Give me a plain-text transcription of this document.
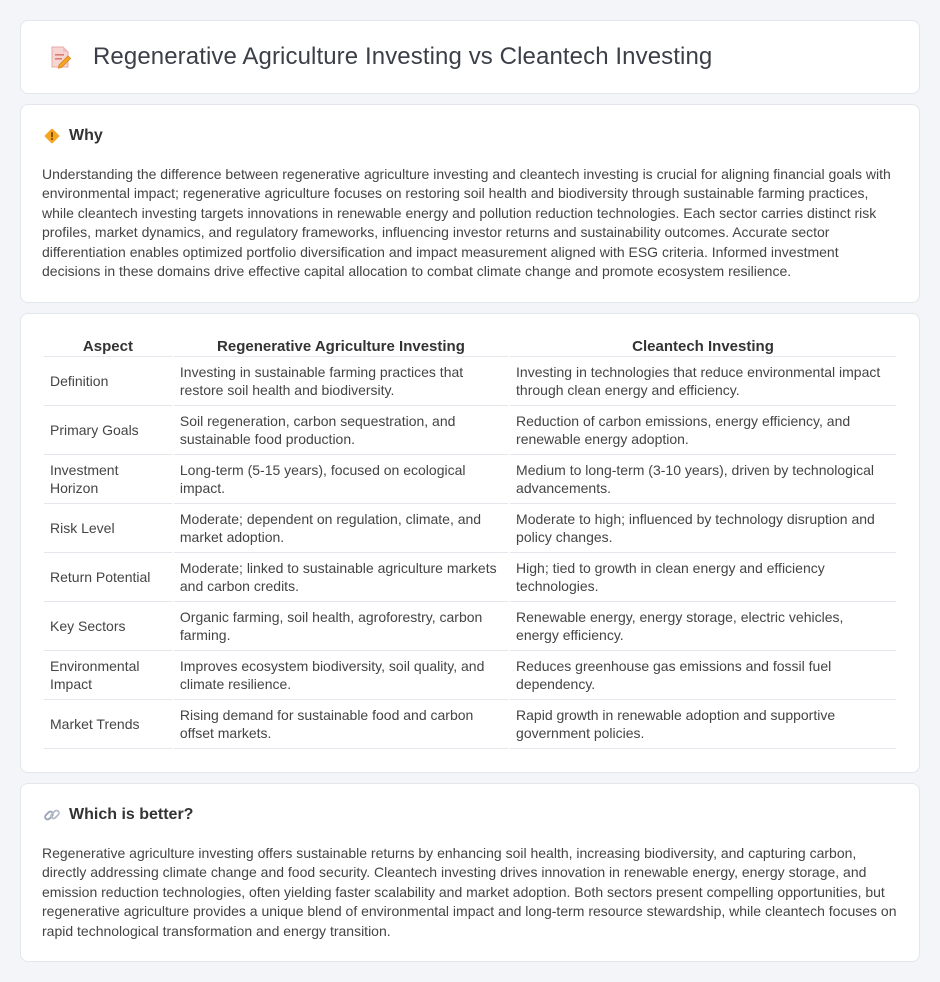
Regenerative Agriculture Investing vs Cleantech Investing
Why

Understanding the difference between regenerative agriculture investing and cleantech investing is crucial for aligning financial goals with environmental impact; regenerative agriculture focuses on restoring soil health and biodiversity through sustainable farming practices, while cleantech investing targets innovations in renewable energy and pollution reduction technologies. Each sector carries distinct risk profiles, market dynamics, and regulatory frameworks, influencing investor returns and sustainability outcomes. Accurate sector differentiation enables optimized portfolio diversification and impact measurement aligned with ESG criteria. Informed investment decisions in these domains drive effective capital allocation to combat climate change and promote ecosystem resilience.

Aspect	Regenerative Agriculture Investing	Cleantech Investing
Definition	Investing in sustainable farming practices that restore soil health and biodiversity.	Investing in technologies that reduce environmental impact through clean energy and efficiency.
Primary Goals	Soil regeneration, carbon sequestration, and sustainable food production.	Reduction of carbon emissions, energy efficiency, and renewable energy adoption.
Investment Horizon	Long-term (5-15 years), focused on ecological impact.	Medium to long-term (3-10 years), driven by technological advancements.
Risk Level	Moderate; dependent on regulation, climate, and market adoption.	Moderate to high; influenced by technology disruption and policy changes.
Return Potential	Moderate; linked to sustainable agriculture markets and carbon credits.	High; tied to growth in clean energy and efficiency technologies.
Key Sectors	Organic farming, soil health, agroforestry, carbon farming.	Renewable energy, energy storage, electric vehicles, energy efficiency.
Environmental Impact	Improves ecosystem biodiversity, soil quality, and climate resilience.	Reduces greenhouse gas emissions and fossil fuel dependency.
Market Trends	Rising demand for sustainable food and carbon offset markets.	Rapid growth in renewable adoption and supportive government policies.
Which is better?

Regenerative agriculture investing offers sustainable returns by enhancing soil health, increasing biodiversity, and capturing carbon, directly addressing climate change and food security. Cleantech investing drives innovation in renewable energy, energy storage, and emission reduction technologies, often yielding faster scalability and market adoption. Both sectors present compelling opportunities, but regenerative agriculture provides a unique blend of environmental impact and long-term resource stewardship, while cleantech focuses on rapid technological transformation and energy transition.
